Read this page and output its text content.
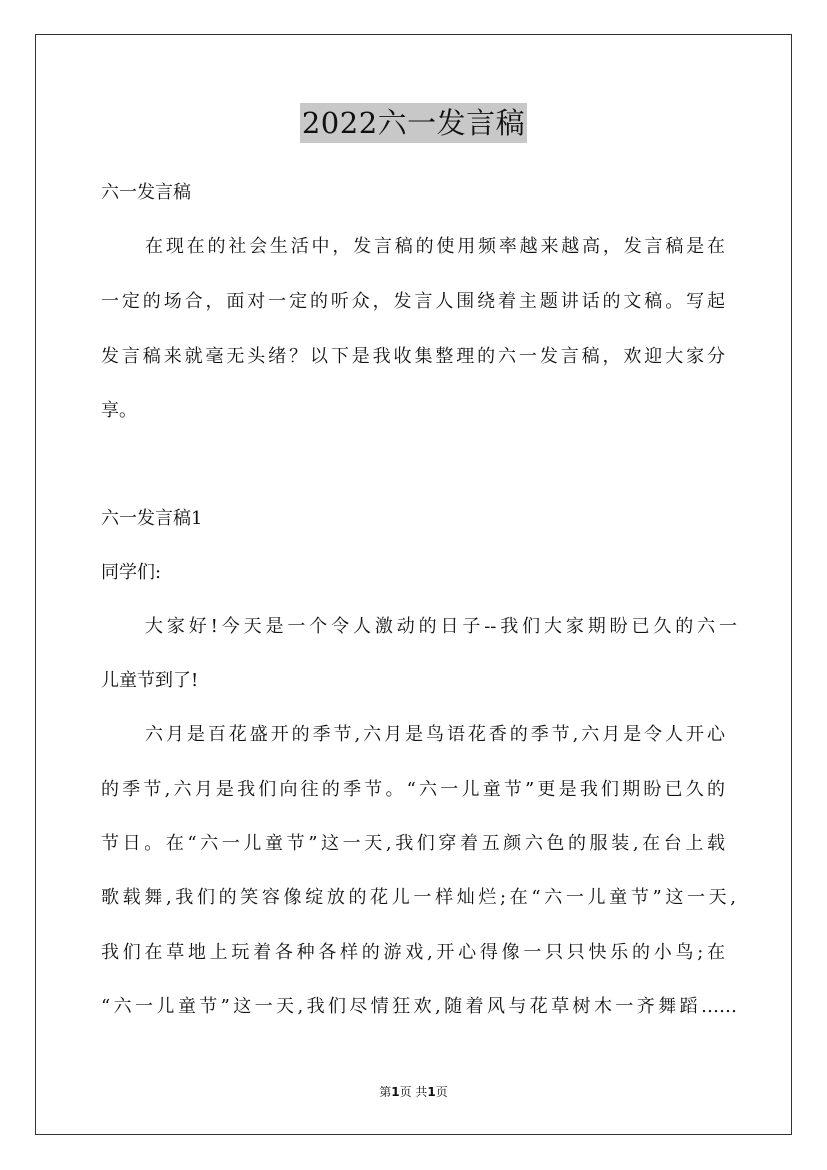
2022六一发言稿
六一发言稿
在现在的社会生活中，发言稿的使用频率越来越高，发言稿是在
一定的场合，面对一定的听众，发言人围绕着主题讲话的文稿。写起
发言稿来就毫无头绪？以下是我收集整理的六一发言稿，欢迎大家分
享。
六一发言稿1
同学们:
大家好!今天是一个令人激动的日子--我们大家期盼已久的六一
儿童节到了!
六月是百花盛开的季节,六月是鸟语花香的季节,六月是令人开心
的季节,六月是我们向往的季节。“六一儿童节”更是我们期盼已久的
节日。在“六一儿童节”这一天,我们穿着五颜六色的服装,在台上载
歌载舞,我们的笑容像绽放的花儿一样灿烂;在“六一儿童节”这一天,
我们在草地上玩着各种各样的游戏,开心得像一只只快乐的小鸟;在
“六一儿童节”这一天,我们尽情狂欢,随着风与花草树木一齐舞蹈……
第1页 共1页
